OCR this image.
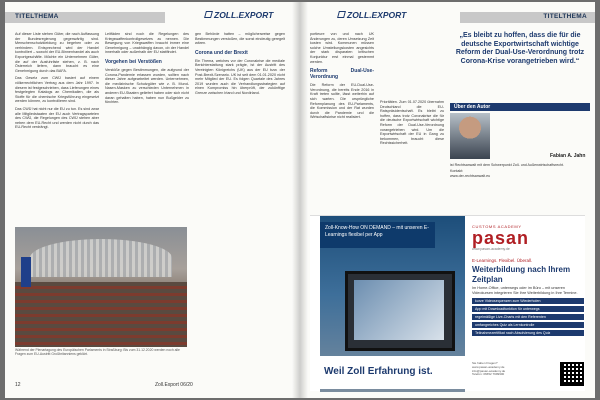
TITELTHEMA	ZOLL.EXPORT

Auf dieser Liste stehen Güter, die nach Auffassung der Bundesregierung gegenwärtig sind. Menschenschutzkleidung zu begehen oder zu verhindern. Entsprechend wird der Handel kontrolliert – sowohl der EU-Binnenhandel als auch Exportgeschäfte. Möchte ein Unternehmen Güter, die auf der Ausfuhrliste stehen, z. B. nach Österreich liefern, dann braucht es eine Genehmigung durch das BAFA.

Das Gesetz zum CWÜ basiert auf einem völkerrechtlichen Vertrag aus dem Jahr 1997. In diesem ist festgeschrieben, dass Lieferungen eines festgelegten Katalogs an Chemikalien, die als Stoffe für die chemische Kriegsführung eingesetzt werden können, zu kontrollieren sind.

Das CWÜ hat nicht nur die EU zu tun. Es sind zwar alle Mitgliedstaaten der EU auch Vertragsparteien des CWÜ, die Regelungen des CWÜ stehen aber neben dem EU-Recht und werden nicht durch das EU-Recht verdrängt.

Leitfäden sind noch die Regelungen des Kriegswaffenkontrollgesetzes zu nennen. Die Bewegung von Kriegswaffen braucht immer eine Genehmigung – unabhängig davon, ob der Handel innerhalb oder außerhalb der EU stattfindet.

Vorgehen bei Verstößen

Verstöße gegen Bestimmungen, die aufgrund der Corona-Pandemie erlassen wurden, sollten nach dieser Jahre aufgearbeitet werden. Unternehmen, die medizinische Schutzgüter wie z. B. Mund-Nasen-Masken zu verschieden Unternehmen in anderen EU-Staaten geliefert haben oder sich nicht daran gehalten haben, haben nun Bußgelder zu fürchten.

gen Behörde hatten – möglicherweise gegen Bestimmungen verstoßen, die sonst eindeutig geregelt wären.

Corona und der Brexit

Ein Thema, welches vor der Coronakrise die mediale Berichterstattung stark prägte, ist der Austritt des Vereinigten Königreichs (UK) aus der EU bzw. der Post-Brexit-Szenario. UK ist seit dem 01.01.2020 nicht mehr Mitglied der EU. Es folgen Quartale des Jahres 2019 wurden auch die Verhandlungsstrategien auf einen Kompromiss hin überprüft, der zukünftige Grenze zwischen Irland und Nordirland.

Während der Plenartagung des Europäischen Parlaments in Straßburg: Bis zum 31.12.2020 werden noch alle Fragen zum EU-Austritt Großbritanniens geklärt.
12	Zoll.Export 06/20
ZOLL.EXPORT	TITELTHEMA

portieure von und nach UK Änderungen zu, deren Umsetzung Zeit kosten wird. Kommunen müssen solche Umstellungskosten angesichts der stark disparaten kritischen Konjunktur erst einmal gestemmt werden.

Reform Dual-Use-Verordnung

Die Reform der EU-Dual-Use-Verordnung, die bereits Ende 2016 in Kraft treten sollte, lässt weiterhin auf sich warten. Die ursprüngliche Reformplanung des EU-Parlaments, die Kommission und der Rat wurden durch die Pandemie und die Wirtschaftskrise nicht realisiert.

Prioritäten. Zum 01.07.2020 übernahm Deutschland die EU-Ratspräsidentschaft. Es bleibt zu hoffen, dass trotz Coronakrise die für die deutsche Exportwirtschaft wichtige Reform der Dual-Use-Verordnung vorangetrieben wird. Um die Exportwirtschaft der EU in Gang zu bekommen, braucht diese Rechtssicherheit.

„Es bleibt zu hoffen, dass die für die deutsche Exportwirtschaft wichtige Reform der Dual-Use-Verordnung trotz Corona-Krise vorangetrieben wird.“
Über den Autor
Fabian A. Jahn
ist Rechtsanwalt mit dem Schwerpunkt Zoll- und Außenwirtschaftsrecht.
Kontakt:
www.der-rechtsanwalt.eu
Zoll-Know-How ON DEMAND – mit unseren E-Learnings flexibel per App
Weil Zoll Erfahrung ist.
CUSTOMS ACADEMY
pasan
www.pasan-academy.de
E-Learnings. Flexibel. Überall.
Weiterbildung nach Ihrem Zeitplan
Im Home-Office, unterwegs oder im Büro – mit unseren Videokursen integrieren Sie Ihre Weiterbildung in Ihre Termine.
kurze Videosequenzen zum Wiederholen
App mit Downloadfunktion für unterwegs
regelmäßige Live-Charts mit den Referenten
umfangreiches Quiz als Lernkontrolle
Teilnahmezertifikat nach Absolvierung des Quiz
Sie haben Fragen?
www.pasan-academy.de
info@pasan-academy.de
Telefon: 06652 7999900
